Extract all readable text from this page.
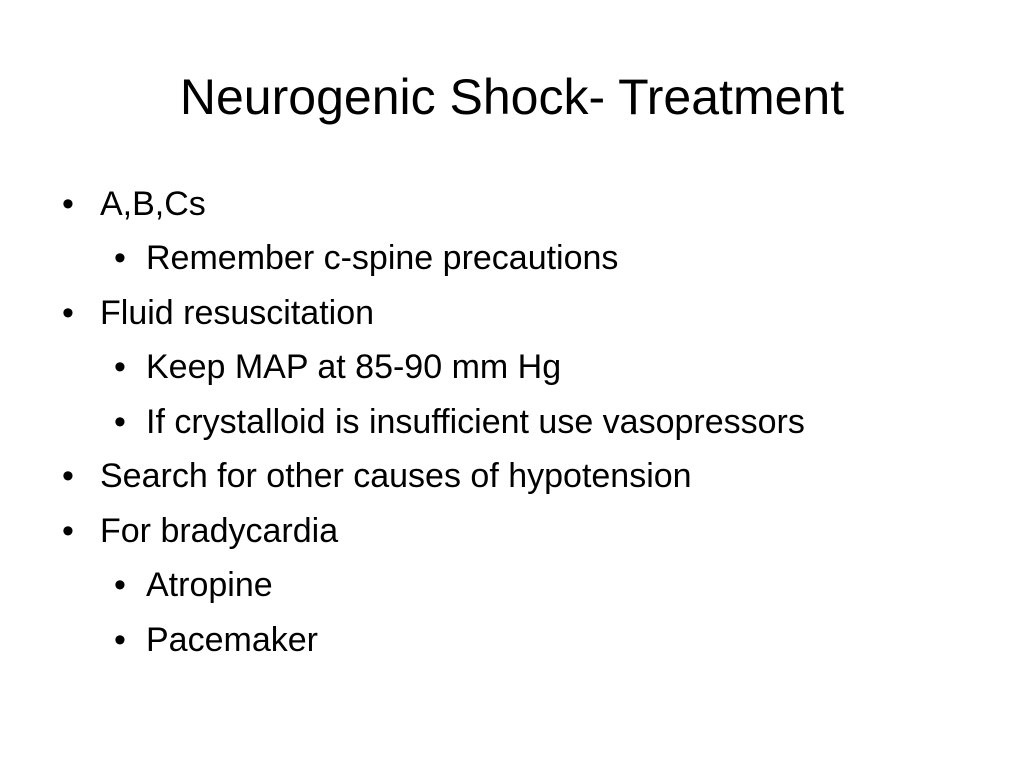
Neurogenic Shock- Treatment
• A,B,Cs
• Remember c-spine precautions
• Fluid resuscitation
• Keep MAP at 85-90 mm Hg
• If crystalloid is insufficient use vasopressors
• Search for other causes of hypotension
• For bradycardia
• Atropine
• Pacemaker
